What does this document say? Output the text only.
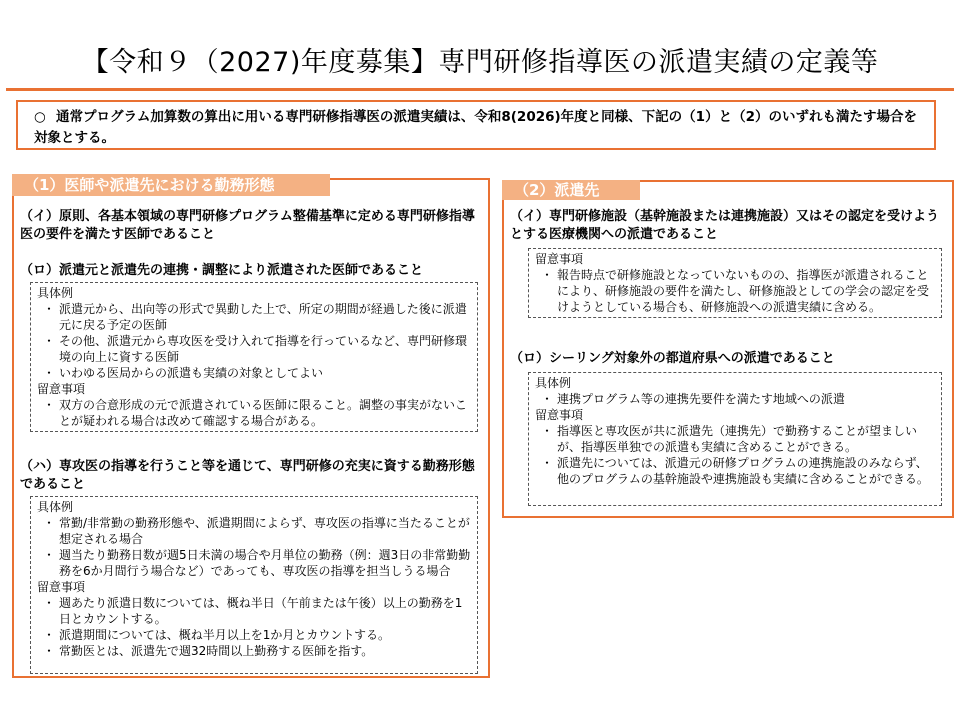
【令和９（2027)年度募集】専門研修指導医の派遣実績の定義等
○ 通常プログラム加算数の算出に用いる専門研修指導医の派遣実績は、令和8(2026)年度と同様、下記の（1）と（2）のいずれも満たす場合を対象とする。
（1）医師や派遣先における勤務形態
（イ）原則、各基本領域の専門研修プログラム整備基準に定める専門研修指導医の要件を満たす医師であること
（ロ）派遣元と派遣先の連携・調整により派遣された医師であること
具体例
・ 派遣元から、出向等の形式で異動した上で、所定の期間が経過した後に派遣元に戻る予定の医師
・ その他、派遣元から専攻医を受け入れて指導を行っているなど、専門研修環境の向上に資する医師
・ いわゆる医局からの派遣も実績の対象としてよい
留意事項
・ 双方の合意形成の元で派遣されている医師に限ること。調整の事実がないことが疑われる場合は改めて確認する場合がある。
（ハ）専攻医の指導を行うこと等を通じて、専門研修の充実に資する勤務形態であること
具体例
・ 常勤/非常勤の勤務形態や、派遣期間によらず、専攻医の指導に当たることが想定される場合
・ 週当たり勤務日数が週5日未満の場合や月単位の勤務（例：週3日の非常勤勤務を6か月間行う場合など）であっても、専攻医の指導を担当しうる場合
留意事項
・ 週あたり派遣日数については、概ね半日（午前または午後）以上の勤務を1日とカウントする。
・ 派遣期間については、概ね半月以上を1か月とカウントする。
・ 常勤医とは、派遣先で週32時間以上勤務する医師を指す。
（2）派遣先
（イ）専門研修施設（基幹施設または連携施設）又はその認定を受けようとする医療機関への派遣であること
留意事項
・ 報告時点で研修施設となっていないものの、指導医が派遣されることにより、研修施設の要件を満たし、研修施設としての学会の認定を受けようとしている場合も、研修施設への派遣実績に含める。
（ロ）シーリング対象外の都道府県への派遣であること
具体例
・ 連携プログラム等の連携先要件を満たす地域への派遣
留意事項
・ 指導医と専攻医が共に派遣先（連携先）で勤務することが望ましいが、指導医単独での派遣も実績に含めることができる。
・ 派遣先については、派遣元の研修プログラムの連携施設のみならず、他のプログラムの基幹施設や連携施設も実績に含めることができる。
